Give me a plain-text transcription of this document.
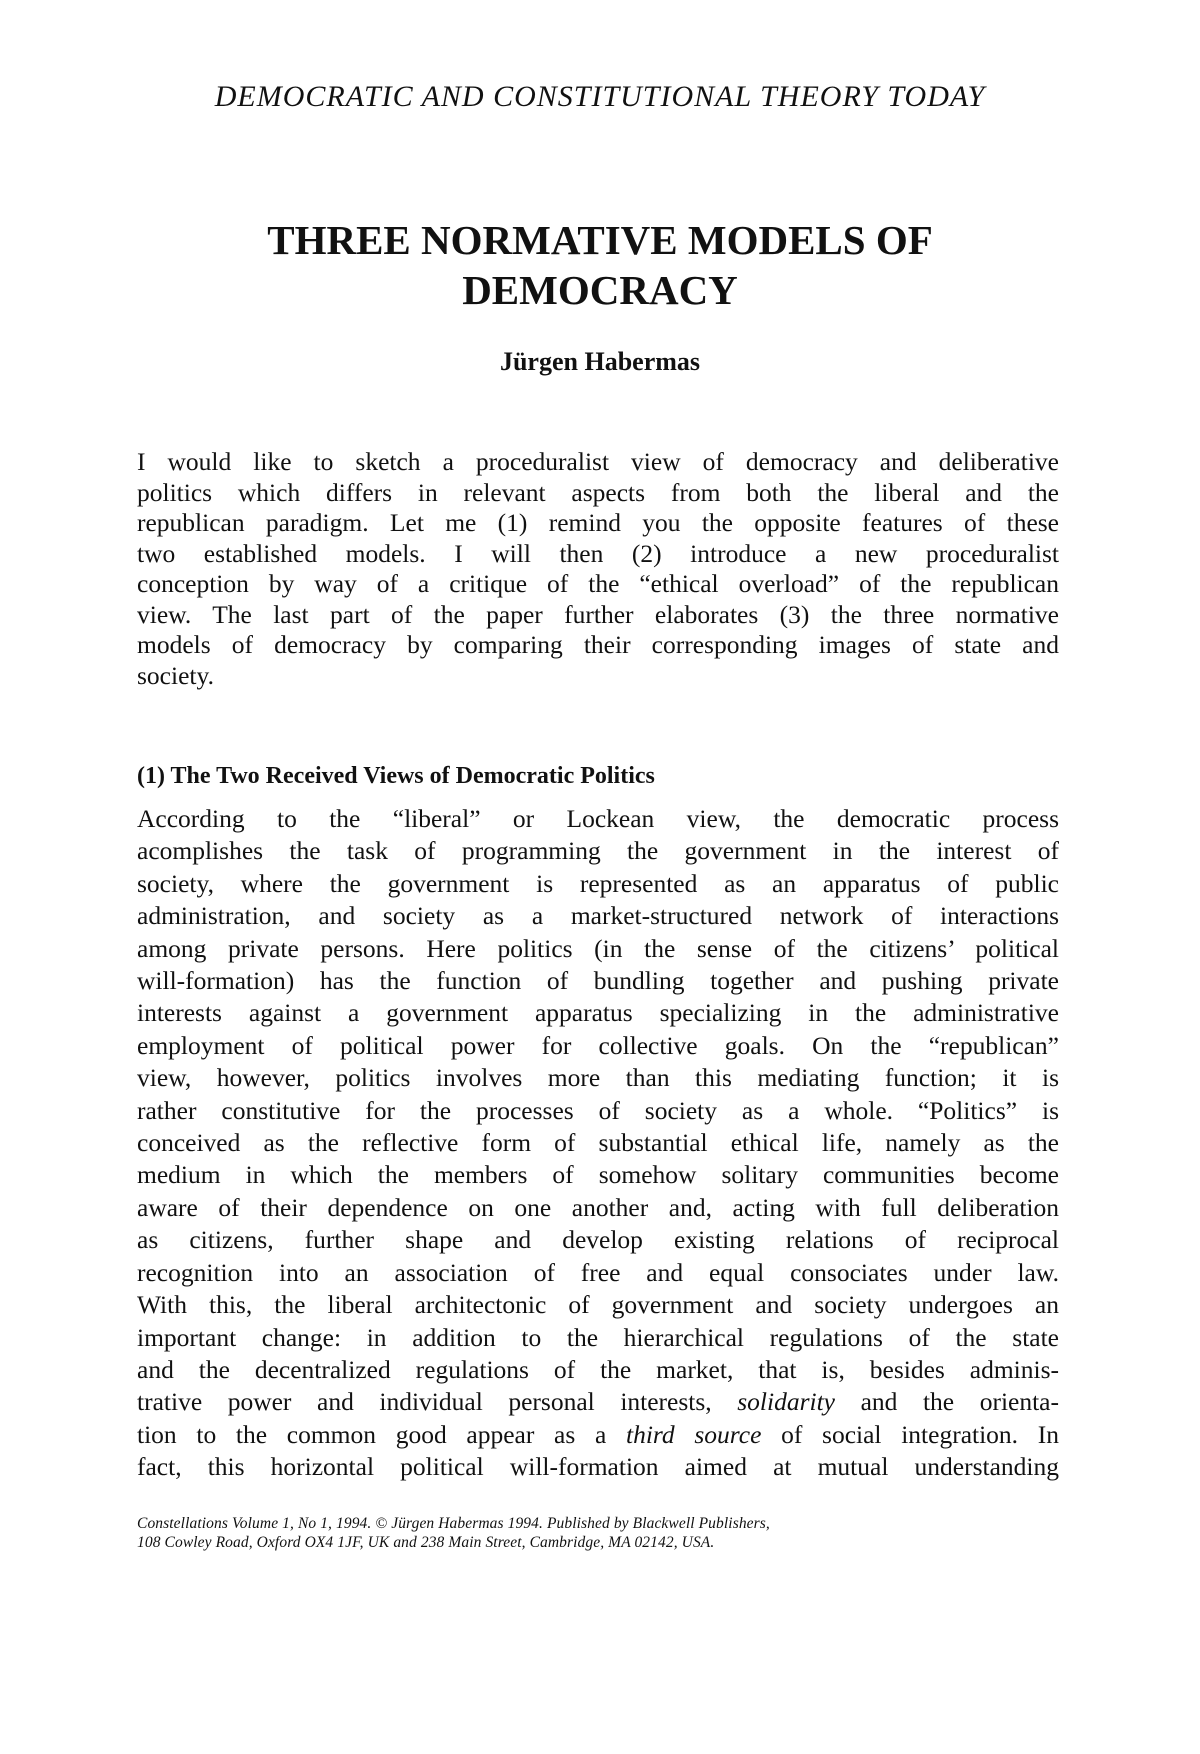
DEMOCRATIC AND CONSTITUTIONAL THEORY TODAY
THREE NORMATIVE MODELS OF
DEMOCRACY
Jürgen Habermas

I would like to sketch a proceduralist view of democracy and deliberative
politics which differs in relevant aspects from both the liberal and the
republican paradigm. Let me (1) remind you the opposite features of these
two established models. I will then (2) introduce a new proceduralist
conception by way of a critique of the “ethical overload” of the republican
view. The last part of the paper further elaborates (3) the three normative
models of democracy by comparing their corresponding images of state and
society.

(1) The Two Received Views of Democratic Politics

According to the “liberal” or Lockean view, the democratic process
acomplishes the task of programming the government in the interest of
society, where the government is represented as an apparatus of public
administration, and society as a market-structured network of interactions
among private persons. Here politics (in the sense of the citizens’ political
will-formation) has the function of bundling together and pushing private
interests against a government apparatus specializing in the administrative
employment of political power for collective goals. On the “republican”
view, however, politics involves more than this mediating function; it is
rather constitutive for the processes of society as a whole. “Politics” is
conceived as the reflective form of substantial ethical life, namely as the
medium in which the members of somehow solitary communities become
aware of their dependence on one another and, acting with full deliberation
as citizens, further shape and develop existing relations of reciprocal
recognition into an association of free and equal consociates under law.
With this, the liberal architectonic of government and society undergoes an
important change: in addition to the hierarchical regulations of the state
and the decentralized regulations of the market, that is, besides adminis-
trative power and individual personal interests, solidarity and the orienta-
tion to the common good appear as a third source of social integration. In
fact, this horizontal political will-formation aimed at mutual understanding

Constellations Volume 1, No 1, 1994. © Jürgen Habermas 1994. Published by Blackwell Publishers,
108 Cowley Road, Oxford OX4 1JF, UK and 238 Main Street, Cambridge, MA 02142, USA.
